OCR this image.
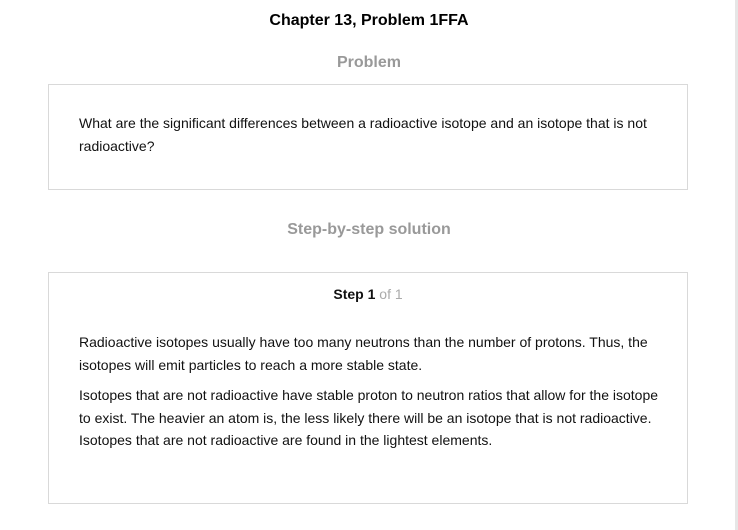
Chapter 13, Problem 1FFA
Problem
What are the significant differences between a radioactive isotope and an isotope that is not radioactive?
Step-by-step solution
Step 1 of 1

Radioactive isotopes usually have too many neutrons than the number of protons. Thus, the isotopes will emit particles to reach a more stable state.

Isotopes that are not radioactive have stable proton to neutron ratios that allow for the isotope to exist. The heavier an atom is, the less likely there will be an isotope that is not radioactive. Isotopes that are not radioactive are found in the lightest elements.
